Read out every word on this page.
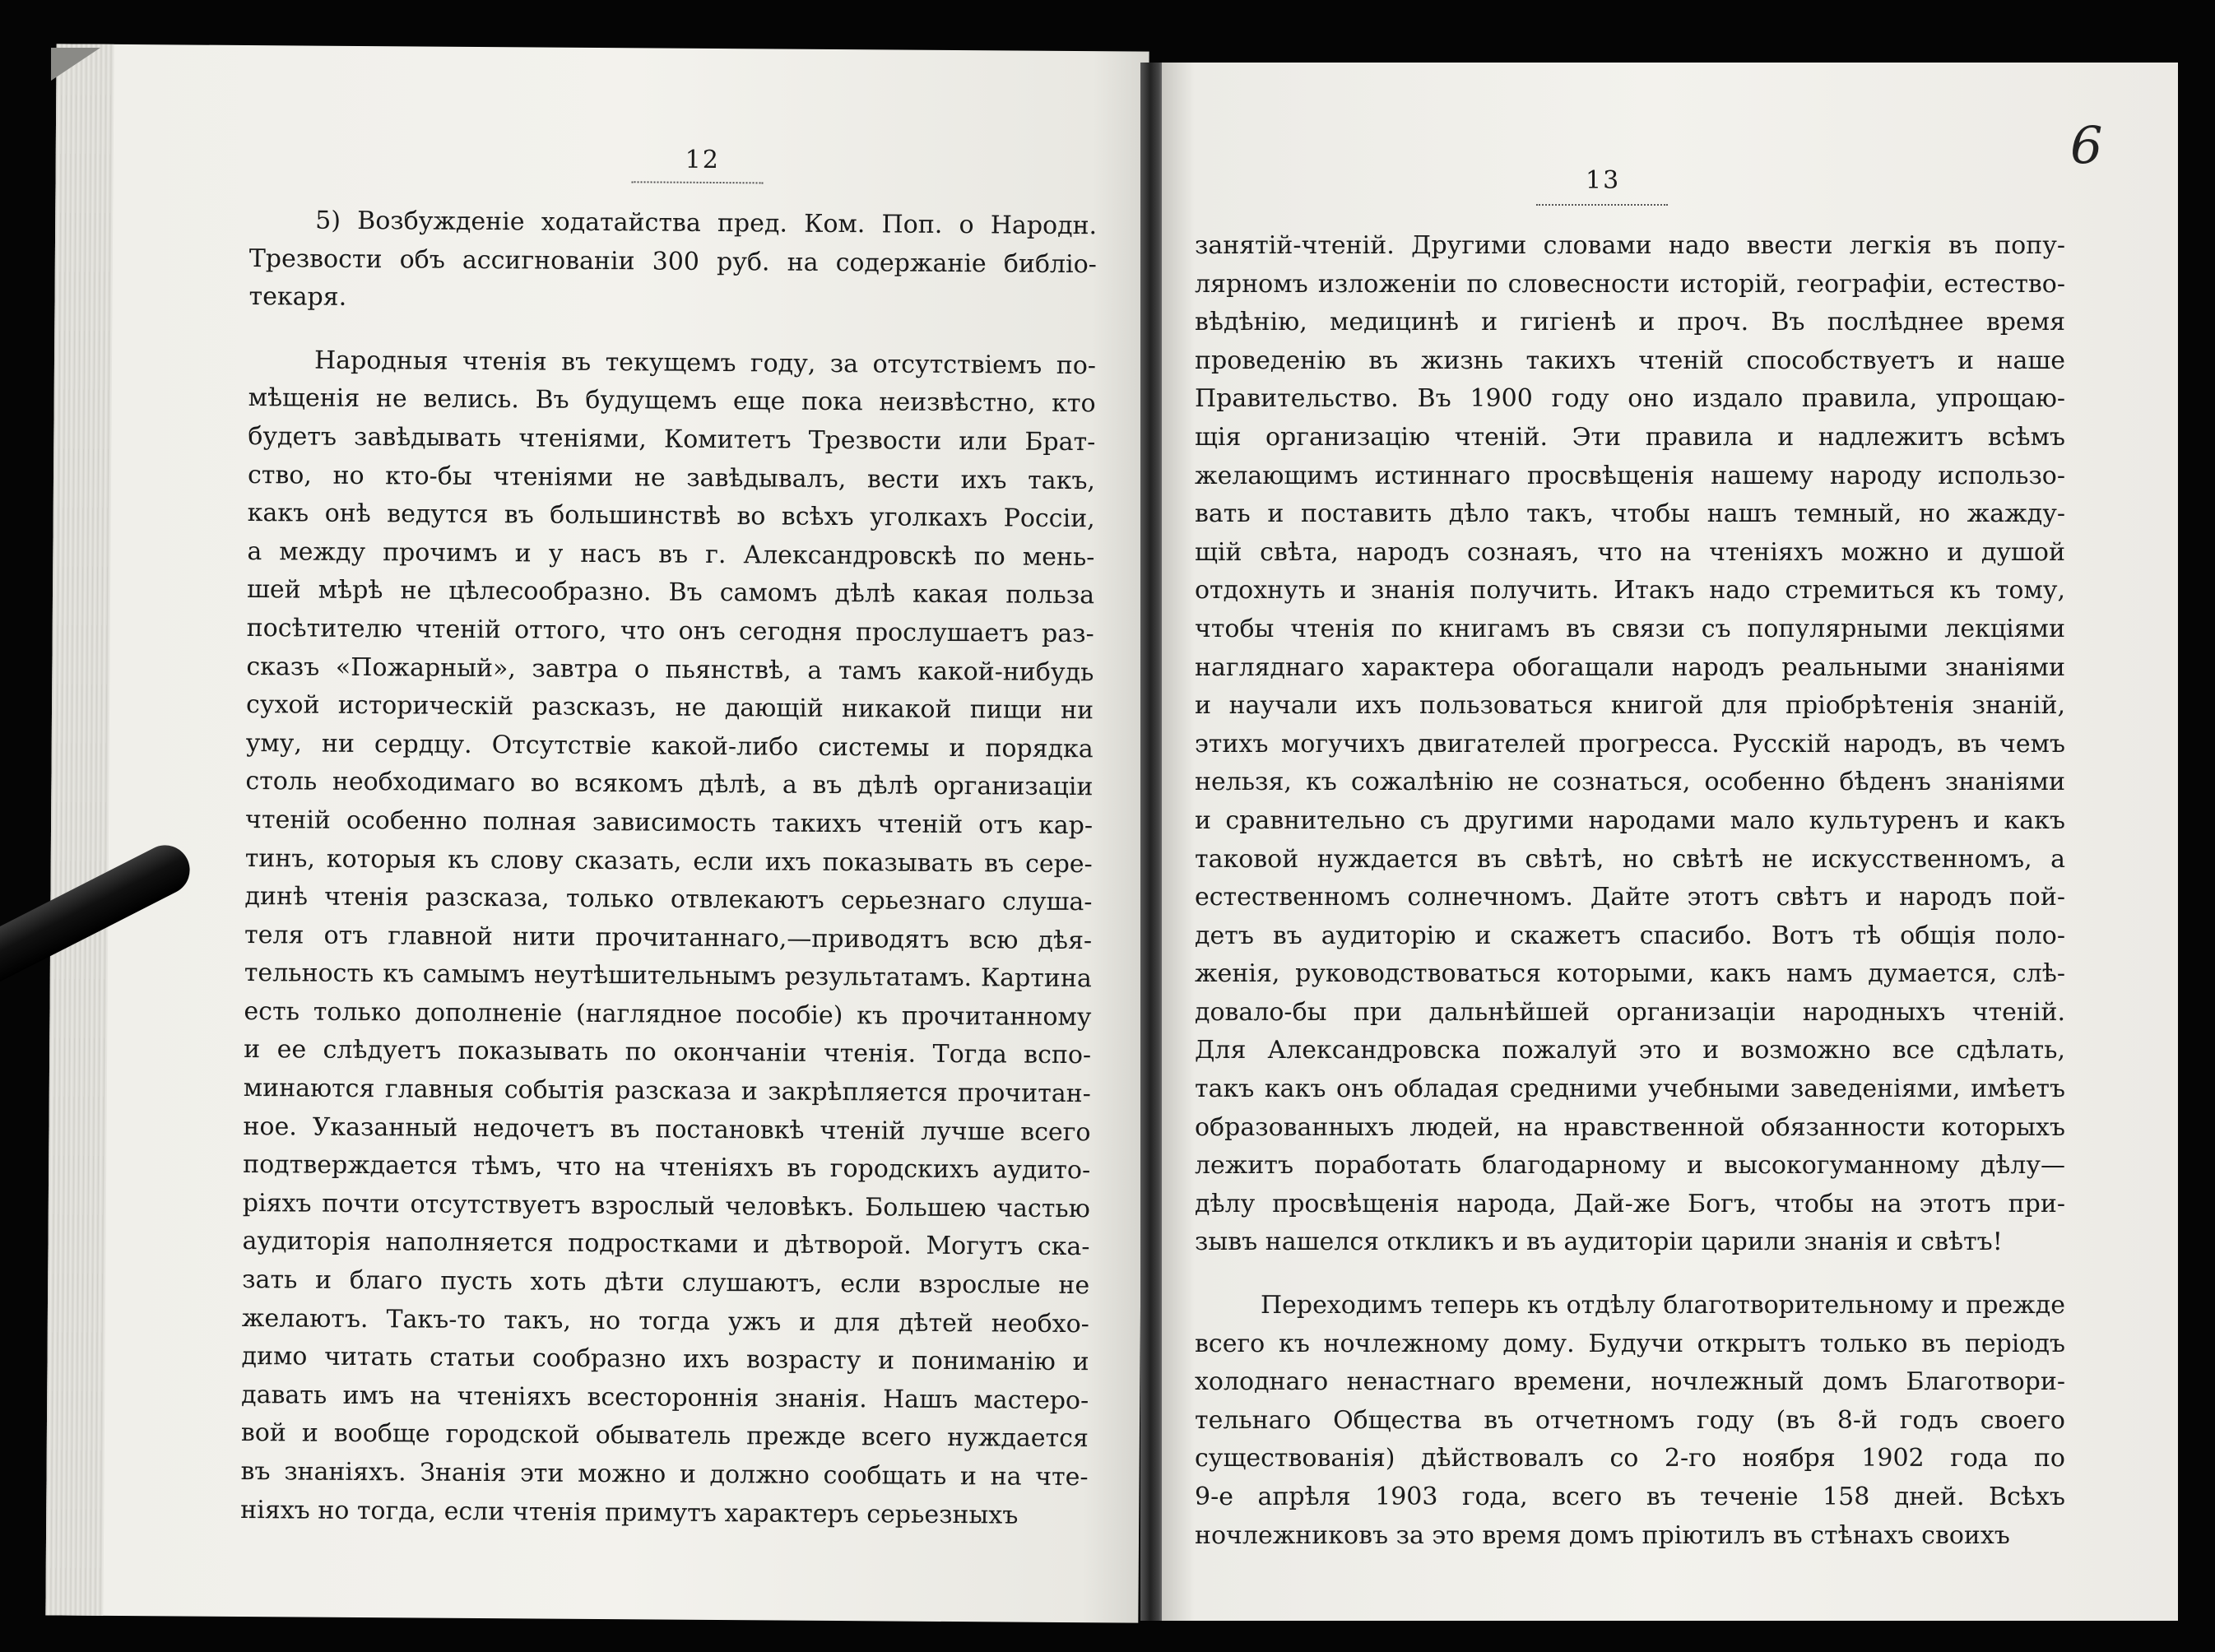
12
5) Возбужденіе ходатайства пред. Ком. Поп. о Народн.
Трезвости объ ассигнованіи 300 руб. на содержаніе библіо-
текаря.
Народныя чтенія въ текущемъ году, за отсутствіемъ по-
мѣщенія не велись. Въ будущемъ еще пока неизвѣстно, кто
будетъ завѣдывать чтеніями, Комитетъ Трезвости или Брат-
ство, но кто-бы чтеніями не завѣдывалъ, вести ихъ такъ,
какъ онѣ ведутся въ большинствѣ во всѣхъ уголкахъ Россіи,
а между прочимъ и у насъ въ г. Александровскѣ по мень-
шей мѣрѣ не цѣлесообразно. Въ самомъ дѣлѣ какая польза
посѣтителю чтеній оттого, что онъ сегодня прослушаетъ раз-
сказъ «Пожарный», завтра о пьянствѣ, а тамъ какой-нибудь
сухой историческій разсказъ, не дающій никакой пищи ни
уму, ни сердцу. Отсутствіе какой-либо системы и порядка
столь необходимаго во всякомъ дѣлѣ, а въ дѣлѣ организаціи
чтеній особенно полная зависимость такихъ чтеній отъ кар-
тинъ, которыя къ слову сказать, если ихъ показывать въ сере-
динѣ чтенія разсказа, только отвлекаютъ серьезнаго слуша-
теля отъ главной нити прочитаннаго,—приводятъ всю дѣя-
тельность къ самымъ неутѣшительнымъ результатамъ. Картина
есть только дополненіе (наглядное пособіе) къ прочитанному
и ее слѣдуетъ показывать по окончаніи чтенія. Тогда вспо-
минаются главныя событія разсказа и закрѣпляется прочитан-
ное. Указанный недочетъ въ постановкѣ чтеній лучше всего
подтверждается тѣмъ, что на чтеніяхъ въ городскихъ аудито-
ріяхъ почти отсутствуетъ взрослый человѣкъ. Большею частью
аудиторія наполняется подростками и дѣтворой. Могутъ ска-
зать и благо пусть хоть дѣти слушаютъ, если взрослые не
желаютъ. Такъ-то такъ, но тогда ужъ и для дѣтей необхо-
димо читать статьи сообразно ихъ возрасту и пониманію и
давать имъ на чтеніяхъ всестороннія знанія. Нашъ мастеро-
вой и вообще городской обыватель прежде всего нуждается
въ знаніяхъ. Знанія эти можно и должно сообщать и на чте-
ніяхъ но тогда, если чтенія примутъ характеръ серьезныхъ
13
занятій-чтеній. Другими словами надо ввести легкія въ попу-
лярномъ изложеніи по словесности исторій, географіи, естество-
вѣдѣнію, медицинѣ и гигіенѣ и проч. Въ послѣднее время
проведенію въ жизнь такихъ чтеній способствуетъ и наше
Правительство. Въ 1900 году оно издало правила, упрощаю-
щія организацію чтеній. Эти правила и надлежитъ всѣмъ
желающимъ истиннаго просвѣщенія нашему народу использо-
вать и поставить дѣло такъ, чтобы нашъ темный, но жажду-
щій свѣта, народъ сознаяъ, что на чтеніяхъ можно и душой
отдохнуть и знанія получить. Итакъ надо стремиться къ тому,
чтобы чтенія по книгамъ въ связи съ популярными лекціями
нагляднаго характера обогащали народъ реальными знаніями
и научали ихъ пользоваться книгой для пріобрѣтенія знаній,
этихъ могучихъ двигателей прогресса. Русскій народъ, въ чемъ
нельзя, къ сожалѣнію не сознаться, особенно бѣденъ знаніями
и сравнительно съ другими народами мало культуренъ и какъ
таковой нуждается въ свѣтѣ, но свѣтѣ не искусственномъ, а
естественномъ солнечномъ. Дайте этотъ свѣтъ и народъ пой-
детъ въ аудиторію и скажетъ спасибо. Вотъ тѣ общія поло-
женія, руководствоваться которыми, какъ намъ думается, слѣ-
довало-бы при дальнѣйшей организаціи народныхъ чтеній.
Для Александровска пожалуй это и возможно все сдѣлать,
такъ какъ онъ обладая средними учебными заведеніями, имѣетъ
образованныхъ людей, на нравственной обязанности которыхъ
лежитъ поработать благодарному и высокогуманному дѣлу—
дѣлу просвѣщенія народа, Дай-же Богъ, чтобы на этотъ при-
зывъ нашелся откликъ и въ аудиторіи царили знанія и свѣтъ!
Переходимъ теперь къ отдѣлу благотворительному и прежде
всего къ ночлежному дому. Будучи открытъ только въ періодъ
холоднаго ненастнаго времени, ночлежный домъ Благотвори-
тельнаго Общества въ отчетномъ году (въ 8-й годъ своего
существованія) дѣйствовалъ со 2-го ноября 1902 года по
9-е апрѣля 1903 года, всего въ теченіе 158 дней. Всѣхъ
ночлежниковъ за это время домъ пріютилъ въ стѣнахъ своихъ
6
